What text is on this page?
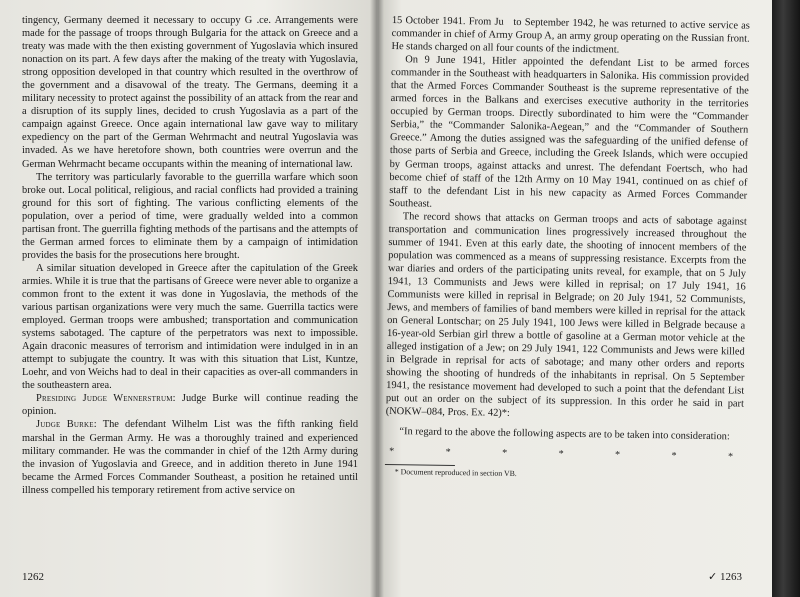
tingency, Germany deemed it necessary to occupy G .ce. Arrangements were made for the passage of troops through Bulgaria for the attack on Greece and a treaty was made with the then existing government of Yugoslavia which insured nonaction on its part. A few days after the making of the treaty with Yugoslavia, strong opposition developed in that country which resulted in the overthrow of the government and a disavowal of the treaty. The Germans, deeming it a military necessity to protect against the possibility of an attack from the rear and a disruption of its supply lines, decided to crush Yugoslavia as a part of the campaign against Greece. Once again international law gave way to military expediency on the part of the German Wehrmacht and neutral Yugoslavia was invaded. As we have heretofore shown, both countries were overrun and the German Wehrmacht became occupants within the meaning of international law.

The territory was particularly favorable to the guerrilla warfare which soon broke out. Local political, religious, and racial conflicts had provided a training ground for this sort of fighting. The various conflicting elements of the population, over a period of time, were gradually welded into a common partisan front. The guerrilla fighting methods of the partisans and the attempts of the German armed forces to eliminate them by a campaign of intimidation provides the basis for the prosecutions here brought.

A similar situation developed in Greece after the capitulation of the Greek armies. While it is true that the partisans of Greece were never able to organize a common front to the extent it was done in Yugoslavia, the methods of the various partisan organizations were very much the same. Guerrilla tactics were employed. German troops were ambushed; transportation and communication systems sabotaged. The capture of the perpetrators was next to impossible. Again draconic measures of terrorism and intimidation were indulged in in an attempt to subjugate the country. It was with this situation that List, Kuntze, Loehr, and von Weichs had to deal in their capacities as over-all commanders in the southeastern area.

Presiding Judge Wennerstrum: Judge Burke will continue reading the opinion.

Judge Burke: The defendant Wilhelm List was the fifth ranking field marshal in the German Army. He was a thoroughly trained and experienced military commander. He was the commander in chief of the 12th Army during the invasion of Yugoslavia and Greece, and in addition thereto in June 1941 became the Armed Forces Commander Southeast, a position he retained until illness compelled his temporary retirement from active service on

1262

15 October 1941. From Ju   to September 1942, he was returned to active service as commander in chief of Army Group A, an army group operating on the Russian front. He stands charged on all four counts of the indictment.

On 9 June 1941, Hitler appointed the defendant List to be armed forces commander in the Southeast with headquarters in Salonika. His commission provided that the Armed Forces Commander Southeast is the supreme representative of the armed forces in the Balkans and exercises executive authority in the territories occupied by German troops. Directly subordinated to him were the “Commander Serbia,” the “Commander Salonika-Aegean,” and the “Commander of Southern Greece.” Among the duties assigned was the safeguarding of the unified defense of those parts of Serbia and Greece, including the Greek Islands, which were occupied by German troops, against attacks and unrest. The defendant Foertsch, who had become chief of staff of the 12th Army on 10 May 1941, continued on as chief of staff to the defendant List in his new capacity as Armed Forces Commander Southeast.

The record shows that attacks on German troops and acts of sabotage against transportation and communication lines progressively increased throughout the summer of 1941. Even at this early date, the shooting of innocent members of the population was commenced as a means of suppressing resistance. Excerpts from the war diaries and orders of the participating units reveal, for example, that on 5 July 1941, 13 Communists and Jews were killed in reprisal; on 17 July 1941, 16 Communists were killed in reprisal in Belgrade; on 20 July 1941, 52 Communists, Jews, and members of families of band members were killed in reprisal for the attack on General Lontschar; on 25 July 1941, 100 Jews were killed in Belgrade because a 16-year-old Serbian girl threw a bottle of gasoline at a German motor vehicle at the alleged instigation of a Jew; on 29 July 1941, 122 Communists and Jews were killed in Belgrade in reprisal for acts of sabotage; and many other orders and reports showing the shooting of hundreds of the inhabitants in reprisal. On 5 September 1941, the resistance movement had developed to such a point that the defendant List put out an order on the subject of its suppression. In this order he said in part (NOKW–084, Pros. Ex. 42)*:

“In regard to the above the following aspects are to be taken into consideration:

*	*	*	*	*	*	*
* Document reproduced in section VB.
✓ 1263
